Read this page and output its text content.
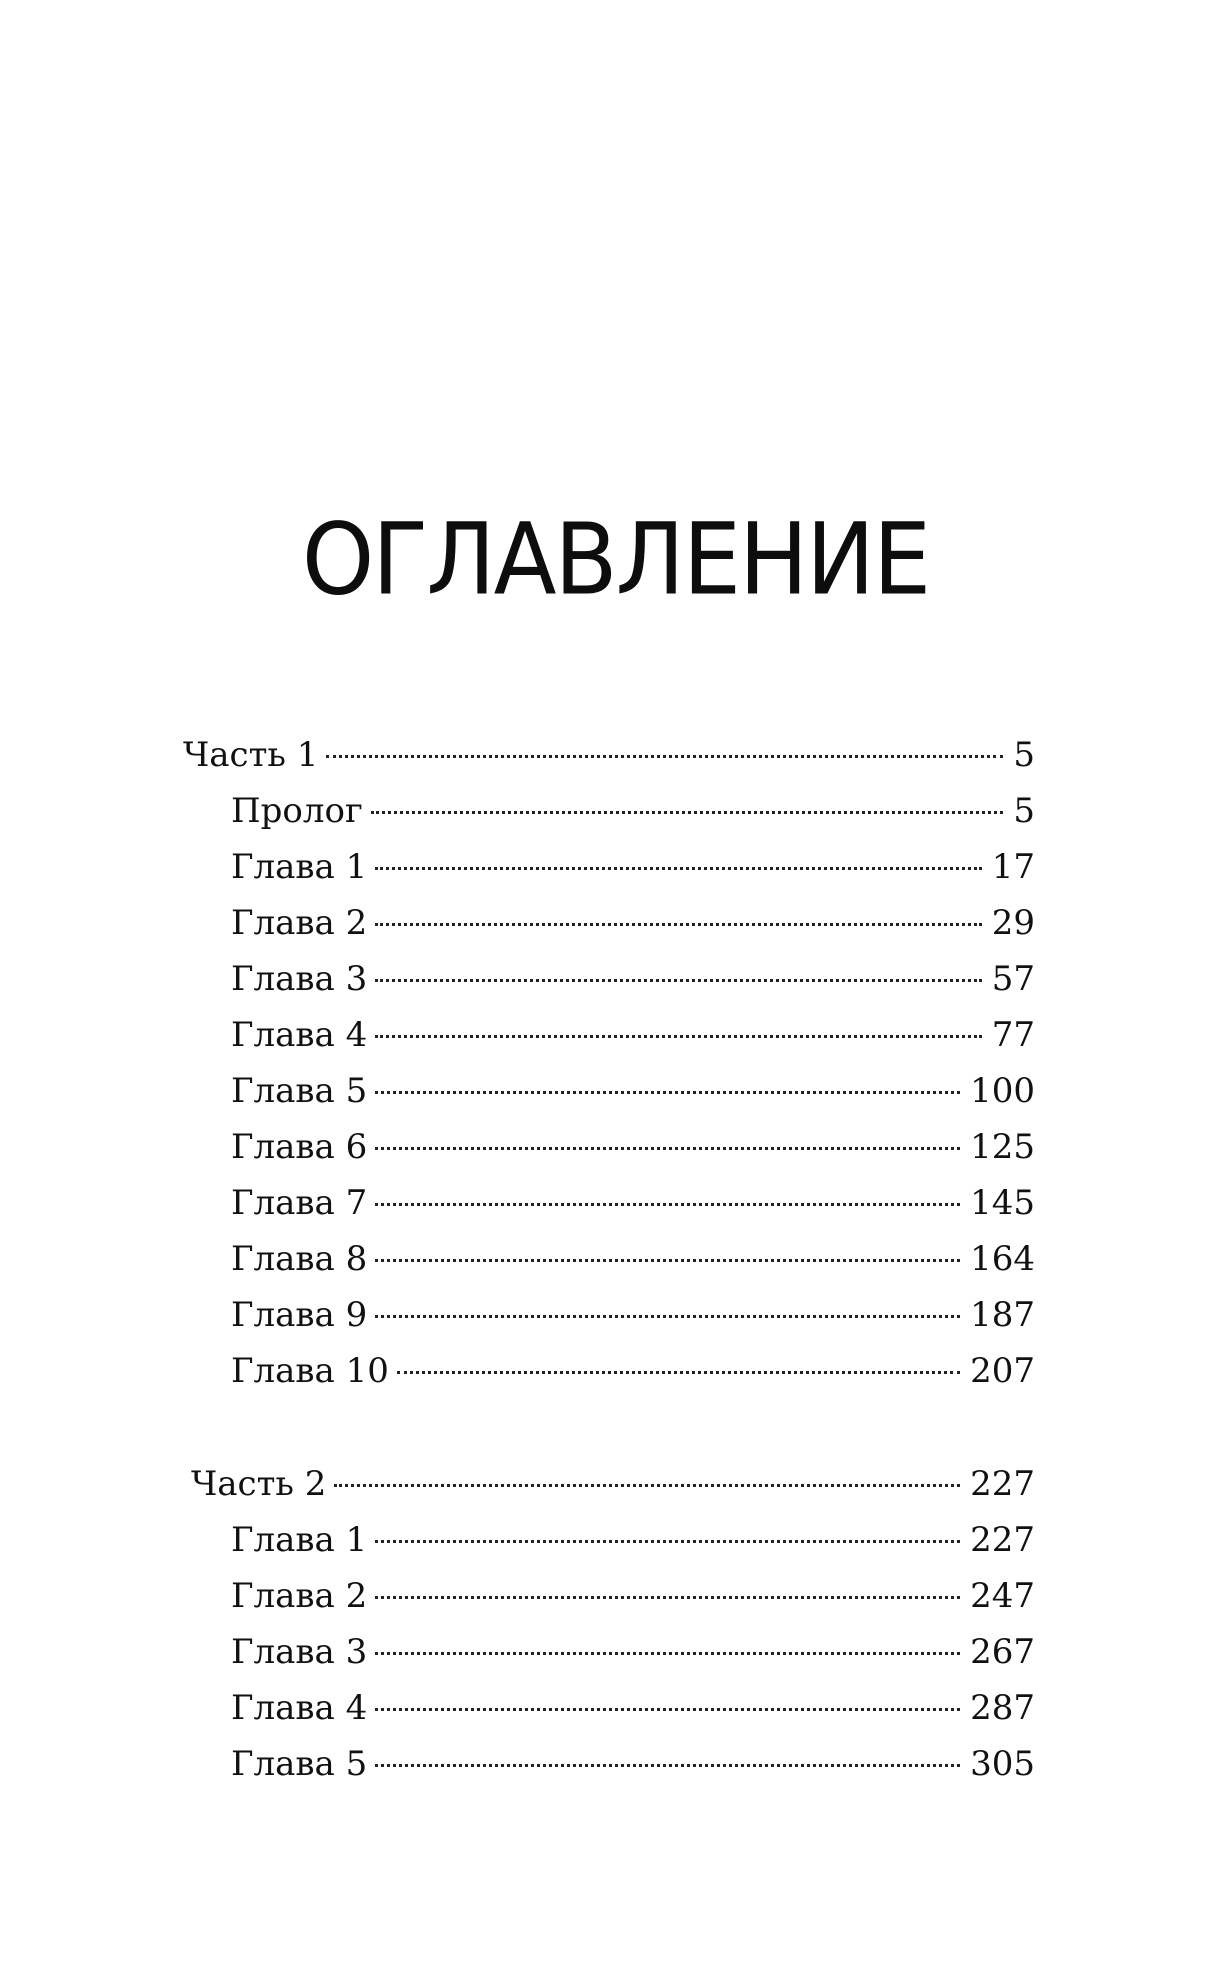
ОГЛАВЛЕНИЕ
Часть 1	5
Пролог	5
Глава 1	17
Глава 2	29
Глава 3	57
Глава 4	77
Глава 5	100
Глава 6	125
Глава 7	145
Глава 8	164
Глава 9	187
Глава 10	207
Часть 2	227
Глава 1	227
Глава 2	247
Глава 3	267
Глава 4	287
Глава 5	305
